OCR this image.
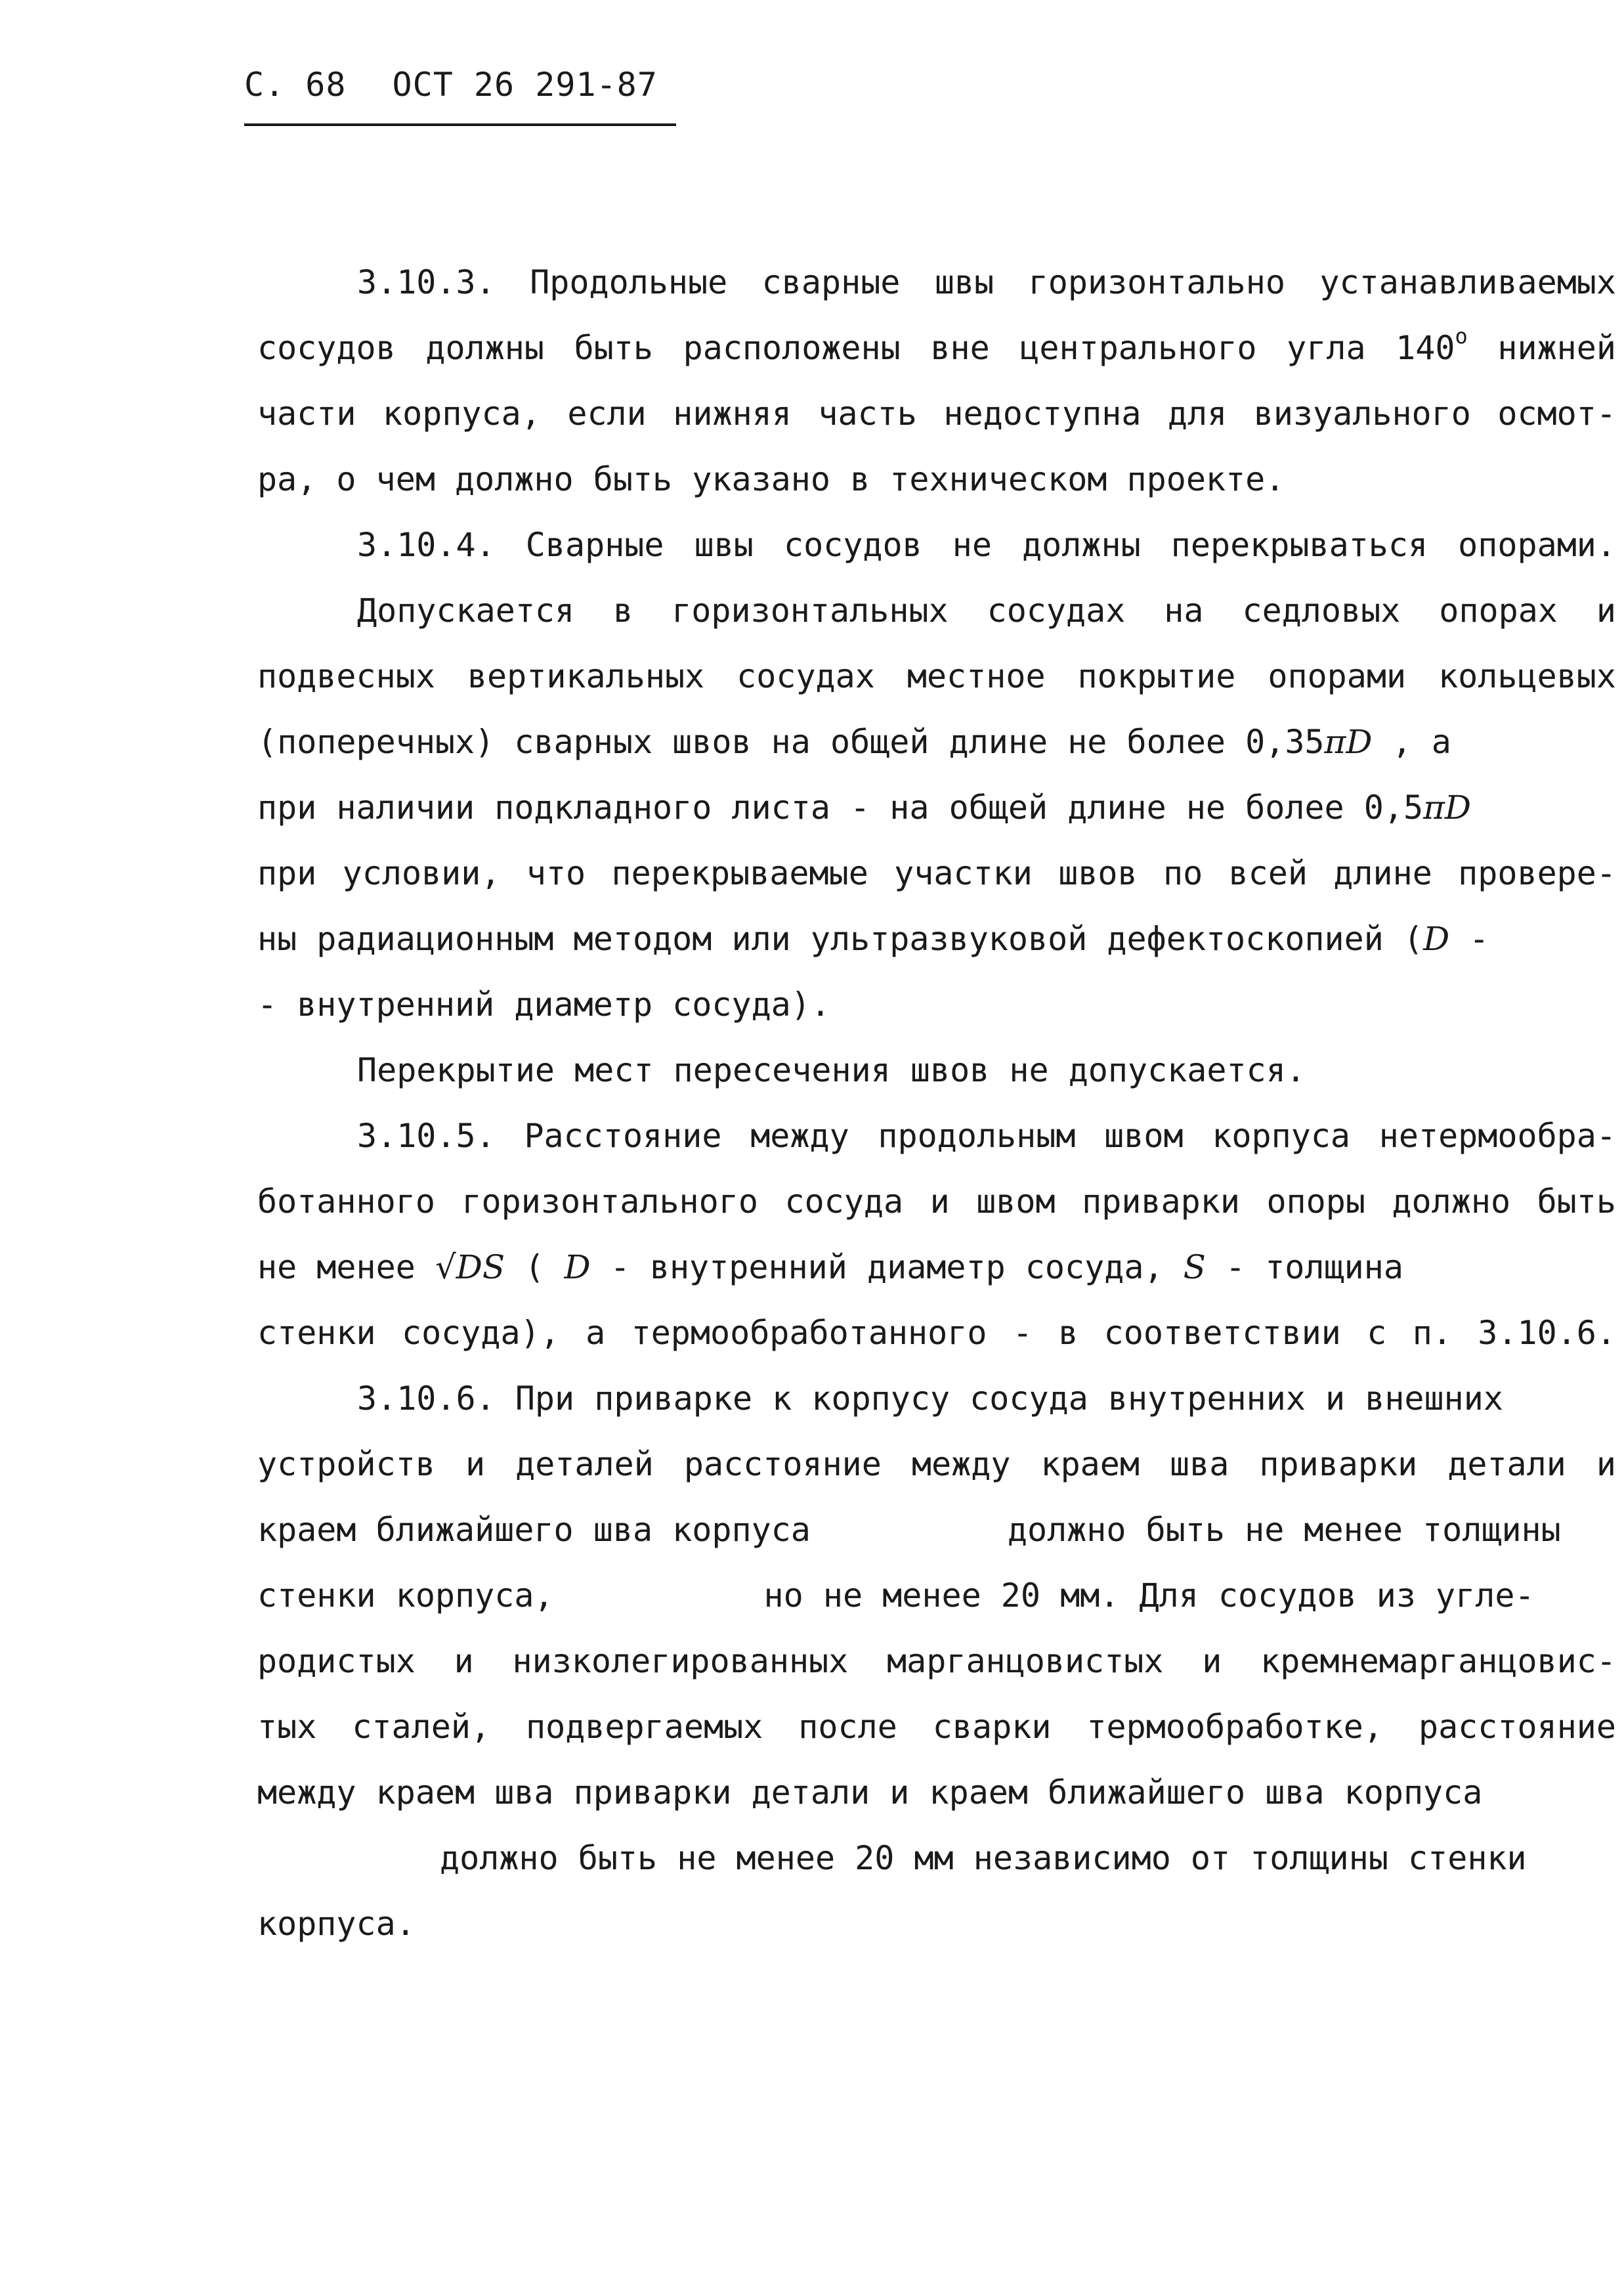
С. 68 ОСТ 26 291-87
3.10.3. Продольные сварные швы горизонтально устанавливаемых
сосудов должны быть расположены вне центрального угла $140^о$ нижней
части корпуса, если нижняя часть недоступна для визуального осмот-
ра, о чем должно быть указано в техническом проекте.
3.10.4. Сварные швы сосудов не должны перекрываться опорами.
Допускается в горизонтальных сосудах на седловых опорах и
подвесных вертикальных сосудах местное покрытие опорами кольцевых
(поперечных) сварных швов на общей длине не более 0,35πD , а
при наличии подкладного листа - на общей длине не более 0,5πD
при условии, что перекрываемые участки швов по всей длине провере-
ны радиационным методом или ультразвуковой дефектоскопией (D -
- внутренний диаметр сосуда).
Перекрытие мест пересечения швов не допускается.
3.10.5. Расстояние между продольным швом корпуса нетермообра-
ботанного горизонтального сосуда и швом приварки опоры должно быть
не менее √DS ( D - внутренний диаметр сосуда, S - толщина
стенки сосуда), а термообработанного - в соответствии с п. 3.10.6.
3.10.6. При приварке к корпусу сосуда внутренних и внешних
устройств и деталей расстояние между краем шва приварки детали и
краем ближайшего шва корпуса	должно быть не менее толщины
стенки корпуса,	но не менее 20 мм. Для сосудов из угле-
родистых и низколегированных марганцовистых и кремнемарганцовис-
тых сталей, подвергаемых после сварки термообработке, расстояние
между краем шва приварки детали и краем ближайшего шва корпуса
должно быть не менее 20 мм независимо от толщины стенки
корпуса.
